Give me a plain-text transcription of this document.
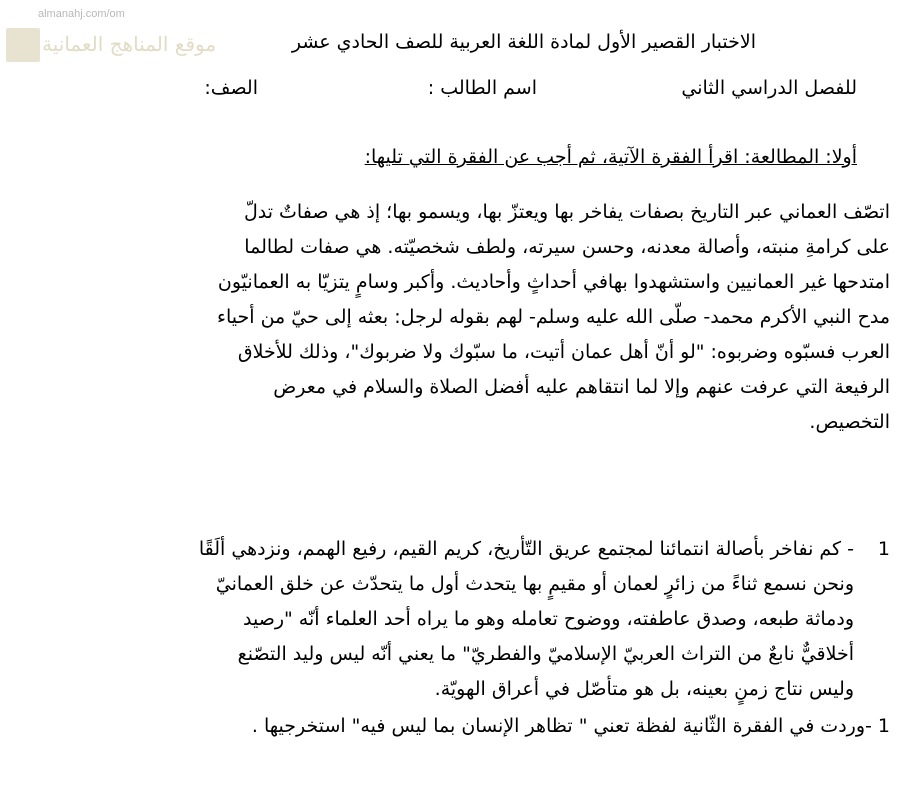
almanahj.com/om
موقع المناهج العمانية	الاختبار القصير الأول لمادة اللغة العربية للصف الحادي عشر
للفصل الدراسي الثاني
اسم الطالب :
الصف:
أولا: المطالعة: اقرأ الفقرة الآتية، ثم أجب عن الفقرة التي تليها:
اتصّف العماني عبر التاريخ بصفات يفاخر بها ويعتزّ بها، ويسمو بها؛ إذ هي صفاتٌ تدلّ
على كرامةِ منبته، وأصالة معدنه، وحسن سيرته، ولطف شخصيّته. هي صفات لطالما
امتدحها غير العمانيين واستشهدوا بهافي أحداثٍ وأحاديث. وأكبر وسامٍ يتزيّا به العمانيّون
مدح النبي الأكرم محمد- صلّى الله عليه وسلم- لهم بقوله لرجل: بعثه إلى حيّ من أحياء
العرب فسبّوه وضربوه: "لو أنّ أهل عمان أتيت، ما سبّوك ولا ضربوك"، وذلك للأخلاق
الرفيعة التي عرفت عنهم وإلا لما انتقاهم عليه أفضل الصلاة والسلام في معرض
التخصيص.
1
- كم نفاخر بأصالة انتمائنا لمجتمع عريق التّأريخ، كريم القيم، رفيع الهمم، ونزدهي ألَقًا
ونحن نسمع ثناءً من زائرٍ لعمان أو مقيمٍ بها يتحدث أول ما يتحدّث عن خلق العمانيّ
ودماثة طبعه، وصدق عاطفته، ووضوح تعامله وهو ما يراه أحد العلماء أنّه "رصيد
أخلاقيٌّ نابعٌ من التراث العربيّ الإسلاميّ والفطريّ" ما يعني أنّه ليس وليد التصّنع
وليس نتاج زمنٍ بعينه، بل هو متأصّل في أعراق الهويّة.
1 -وردت في الفقرة الثّانية لفظة تعني " تظاهر الإنسان بما ليس فيه" استخرجيها .
